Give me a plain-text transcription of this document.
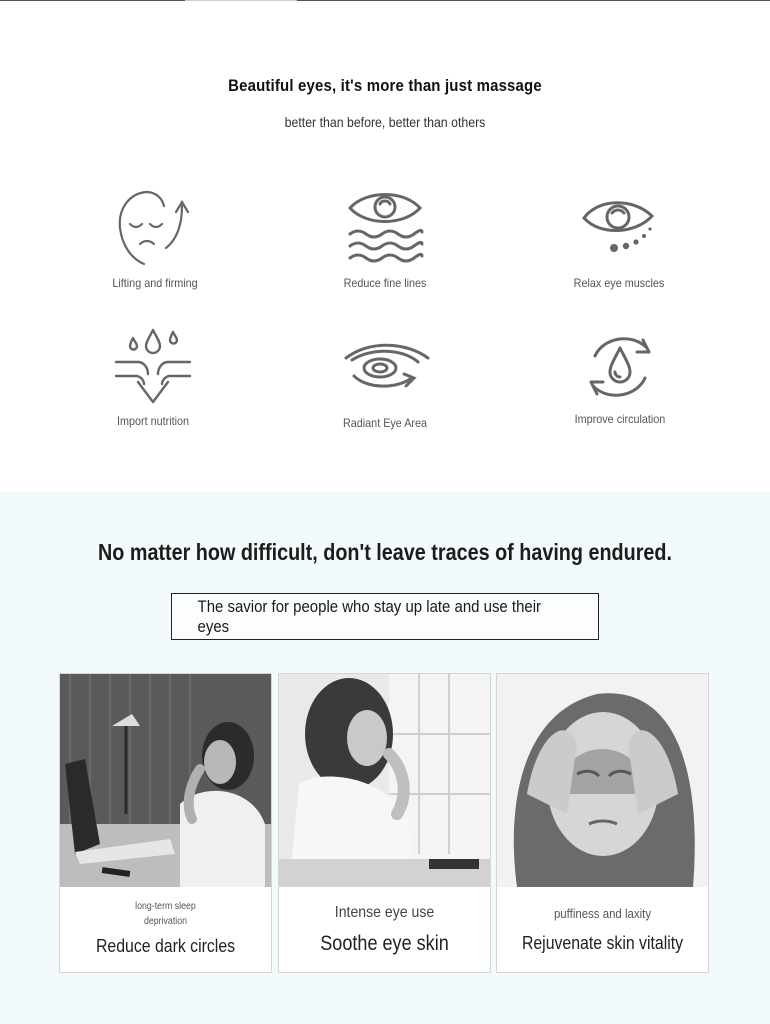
Beautiful eyes, it's more than just massage

better than before, better than others

Lifting and firming	Reduce fine lines	Relax eye muscles
Import nutrition	Radiant Eye Area	Improve circulation
No matter how difficult, don't leave traces of having endured.
The savior for people who stay up late and use their eyes
long-term sleep
deprivation
Reduce dark circles
Intense eye use
Soothe eye skin
puffiness and laxity
Rejuvenate skin vitality
